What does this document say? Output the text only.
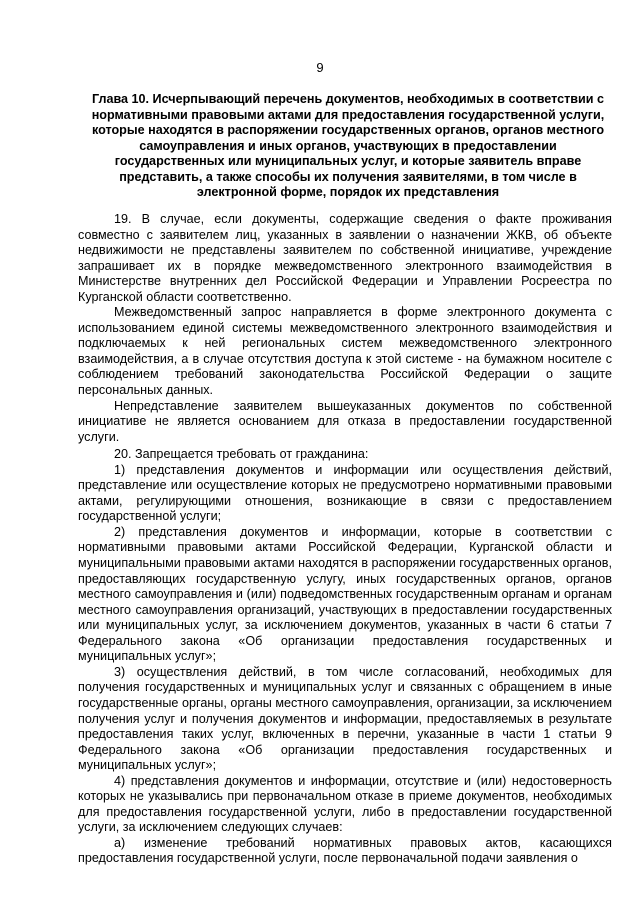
9
Глава 10. Исчерпывающий перечень документов, необходимых в соответствии с нормативными правовыми актами для предоставления государственной услуги, которые находятся в распоряжении государственных органов, органов местного самоуправления и иных органов, участвующих в предоставлении государственных или муниципальных услуг, и которые заявитель вправе представить, а также способы их получения заявителями, в том числе в электронной форме, порядок их представления

19. В случае, если документы, содержащие сведения о факте проживания совместно с заявителем лиц, указанных в заявлении о назначении ЖКВ, об объекте недвижимости не представлены заявителем по собственной инициативе, учреждение запрашивает их в порядке межведомственного электронного взаимодействия в Министерстве внутренних дел Российской Федерации и Управлении Росреестра по Курганской области соответственно.

Межведомственный запрос направляется в форме электронного документа с использованием единой системы межведомственного электронного взаимодействия и подключаемых к ней региональных систем межведомственного электронного взаимодействия, а в случае отсутствия доступа к этой системе - на бумажном носителе с соблюдением требований законодательства Российской Федерации о защите персональных данных.

Непредставление заявителем вышеуказанных документов по собственной инициативе не является основанием для отказа в предоставлении государственной услуги.

20. Запрещается требовать от гражданина:

1) представления документов и информации или осуществления действий, представление или осуществление которых не предусмотрено нормативными правовыми актами, регулирующими отношения, возникающие в связи с предоставлением государственной услуги;

2) представления документов и информации, которые в соответствии с нормативными правовыми актами Российской Федерации, Курганской области и муниципальными правовыми актами находятся в распоряжении государственных органов, предоставляющих государственную услугу, иных государственных органов, органов местного самоуправления и (или) подведомственных государственным органам и органам местного самоуправления организаций, участвующих в предоставлении государственных или муниципальных услуг, за исключением документов, указанных в части 6 статьи 7 Федерального закона «Об организации предоставления государственных и муниципальных услуг»;

3) осуществления действий, в том числе согласований, необходимых для получения государственных и муниципальных услуг и связанных с обращением в иные государственные органы, органы местного самоуправления, организации, за исключением получения услуг и получения документов и информации, предоставляемых в результате предоставления таких услуг, включенных в перечни, указанные в части 1 статьи 9 Федерального закона «Об организации предоставления государственных и муниципальных услуг»;

4) представления документов и информации, отсутствие и (или) недостоверность которых не указывались при первоначальном отказе в приеме документов, необходимых для предоставления государственной услуги, либо в предоставлении государственной услуги, за исключением следующих случаев:

а) изменение требований нормативных правовых актов, касающихся предоставления государственной услуги, после первоначальной подачи заявления о
